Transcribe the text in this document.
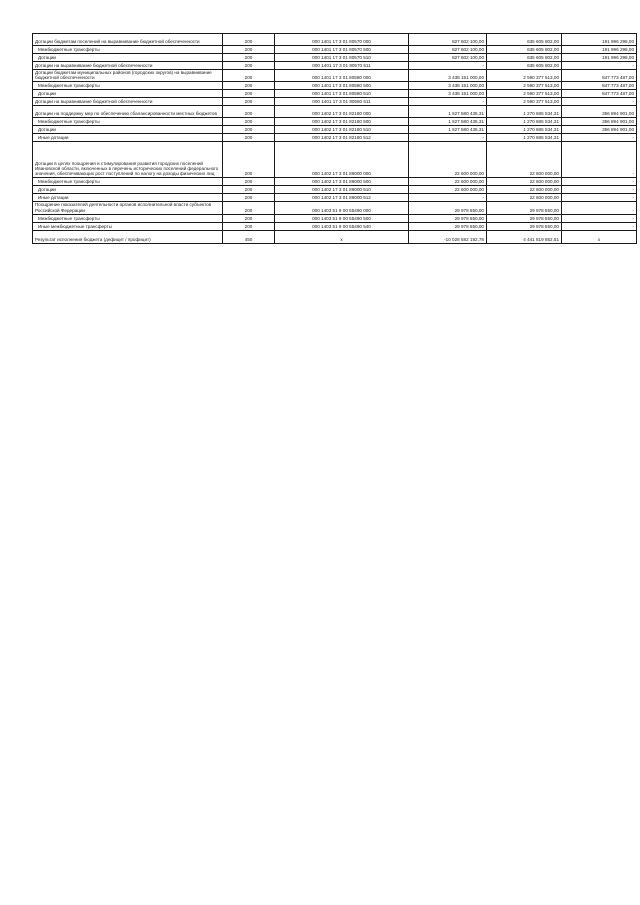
Дотации бюджетам поселений на выравнивание бюджетной обеспеченности	200	000 1401 17 3 01 80570 000	827 602 100,00	635 605 802,00	191 996 298,00
Межбюджетные трансферты	200	000 1401 17 3 01 80570 500	827 602 100,00	635 605 802,00	191 996 298,00
Дотации	200	000 1401 17 3 01 80570 510	827 602 100,00	635 605 802,00	191 996 298,00
Дотации на выравнивание бюджетной обеспеченности	200	000 1401 17 3 01 80570 511	-	635 605 802,00	-
Дотации бюджетам муниципальных районов (городских округов) на выравнивание бюджетной обеспеченности	200	000 1401 17 3 01 80580 000	3 438 151 000,00	2 590 377 513,00	847 773 487,00
Межбюджетные трансферты	200	000 1401 17 3 01 80580 500	3 438 151 000,00	2 590 377 513,00	847 773 487,00
Дотации	200	000 1401 17 3 01 80580 510	3 438 151 000,00	2 590 377 513,00	847 773 487,00
Дотации на выравнивание бюджетной обеспеченности	200	000 1401 17 3 01 80580 511	-	2 590 377 513,00	-
Дотации на поддержку мер по обеспечению сбалансированности местных бюджетов	200	000 1402 17 3 01 82180 000	1 627 580 435,31	1 270 685 534,31	356 894 901,00
Межбюджетные трансферты	200	000 1402 17 3 01 82180 500	1 627 580 435,31	1 270 685 534,31	356 894 901,00
Дотации	200	000 1402 17 3 01 82180 510	1 627 580 435,31	1 270 685 534,31	356 894 901,00
Иные дотации	200	000 1402 17 3 01 82180 512	-	1 270 685 534,31	-
Дотации в целях поощрения и стимулирования развития городских поселений Ивановской области, включенных в перечень исторических поселений федерального значения, обеспечивающих рост поступлений по налогу на доходы физических лиц	200	000 1402 17 3 01 86000 000	22 600 000,00	22 600 000,00	-
Межбюджетные трансферты	200	000 1402 17 3 01 86000 500	22 600 000,00	22 600 000,00	-
Дотации	200	000 1402 17 3 01 86000 510	22 600 000,00	22 600 000,00	-
Иные дотации	200	000 1402 17 3 01 86000 512	-	22 600 000,00	-
Поощрение показателей деятельности органов исполнительной власти субъектов Российской Федерации	200	000 1403 51 9 00 55490 000	29 978 550,00	29 978 550,00	-
Межбюджетные трансферты	200	000 1403 51 9 00 55490 500	29 978 550,00	29 978 550,00	-
Иные межбюджетные трансферты	200	000 1403 51 9 00 55490 540	29 978 550,00	29 978 550,00	-
Результат исполнения бюджета (дефицит / профицит)	450	x	-10 028 582 192,78	4 441 819 852,51	x
